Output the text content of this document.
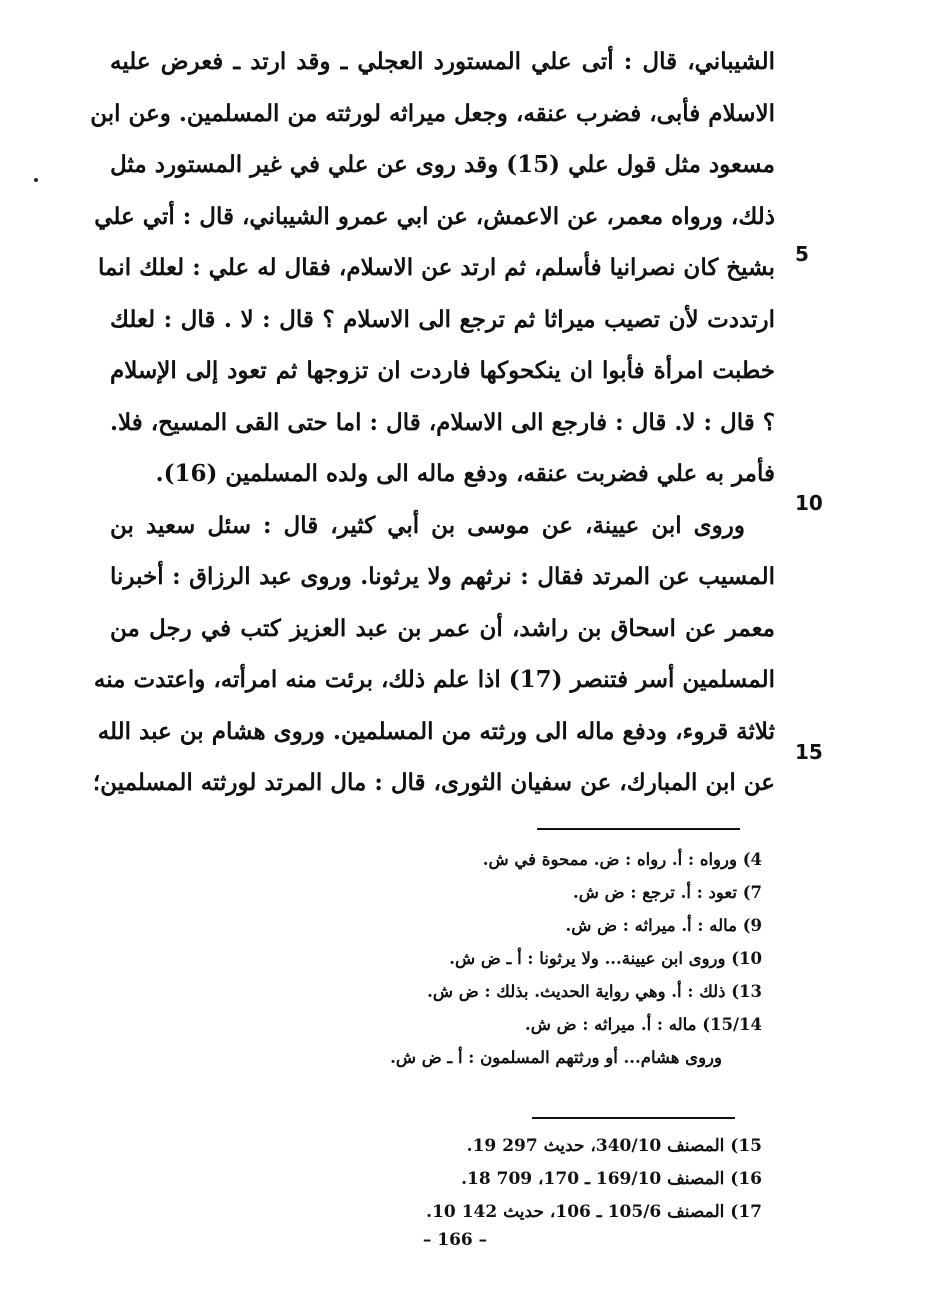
الشيباني، قال : أتى علي المستورد العجلي ـ وقد ارتد ـ فعرض عليه
الاسلام فأبى، فضرب عنقه، وجعل ميراثه لورثته من المسلمين. وعن ابن
مسعود مثل قول علي (15) وقد روى عن علي في غير المستورد مثل
ذلك، ورواه معمر، عن الاعمش، عن ابي عمرو الشيباني، قال : أتي علي
بشيخ كان نصرانيا فأسلم، ثم ارتد عن الاسلام، فقال له علي : لعلك انما
ارتددت لأن تصيب ميراثا ثم ترجع الى الاسلام ؟ قال : لا . قال : لعلك
خطبت امرأة فأبوا ان ينكحوكها فاردت ان تزوجها ثم تعود إلى الإسلام
؟ قال : لا. قال : فارجع الى الاسلام، قال : اما حتى القى المسيح، فلا.
فأمر به علي فضربت عنقه، ودفع ماله الى ولده المسلمين (16).
وروى ابن عيينة، عن موسى بن أبي كثير، قال : سئل سعيد بن
المسيب عن المرتد فقال : نرثهم ولا يرثونا. وروى عبد الرزاق : أخبرنا
معمر عن اسحاق بن راشد، أن عمر بن عبد العزيز كتب في رجل من
المسلمين أسر فتنصر (17) اذا علم ذلك، برئت منه امرأته، واعتدت منه
ثلاثة قروء، ودفع ماله الى ورثته من المسلمين. وروى هشام بن عبد الله
عن ابن المبارك، عن سفيان الثورى، قال : مال المرتد لورثته المسلمين؛
5
10
15
4) ورواه : أ. رواه : ض. ممحوة في ش.
7) تعود : أ. ترجع : ض ش.
9) ماله : أ. ميراثه : ض ش.
10) وروى ابن عيينة... ولا يرثونا : أ ـ ض ش.
13) ذلك : أ. وهي رواية الحديث. بذلك : ض ش.
15/14) ماله : أ. ميراثه : ض ش.
وروى هشام... أو ورثتهم المسلمون : أ ـ ض ش.
15) المصنف 340/10، حديث 297 19.
16) المصنف 169/10 ـ 170، 709 18.
17) المصنف 105/6 ـ 106، حديث 142 10.
– 166 –
